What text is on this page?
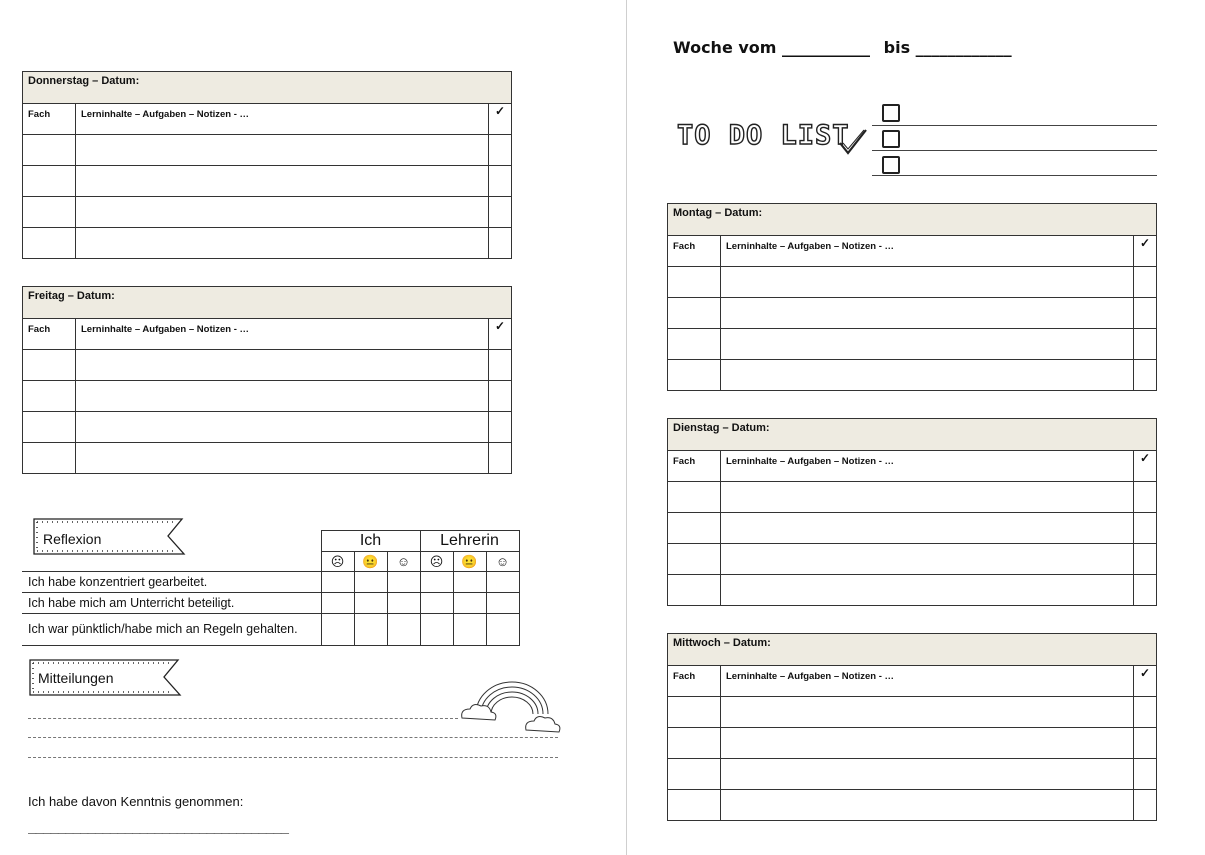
Donnerstag – Datum:		
Fach	Lerninhalte – Aufgaben – Notizen - …	✓

Freitag – Datum:		
Fach	Lerninhalte – Aufgaben – Notizen - …	✓

Reflexion
		Ich			Lehrerin		
	☹	😐	☺	☹	😐	☺
Ich habe konzentriert gearbeitet.						
Ich habe mich am Unterricht beteiligt.						
Ich war pünktlich/habe mich an Regeln gehalten.						
Mitteilungen
Ich habe davon Kenntnis genommen:
___________________________________
Woche vom ___________ bis ____________
TO DO LIST
Montag – Datum:		
Fach	Lerninhalte – Aufgaben – Notizen - …	✓

Dienstag – Datum:		
Fach	Lerninhalte – Aufgaben – Notizen - …	✓

Mittwoch – Datum:		
Fach	Lerninhalte – Aufgaben – Notizen - …	✓
